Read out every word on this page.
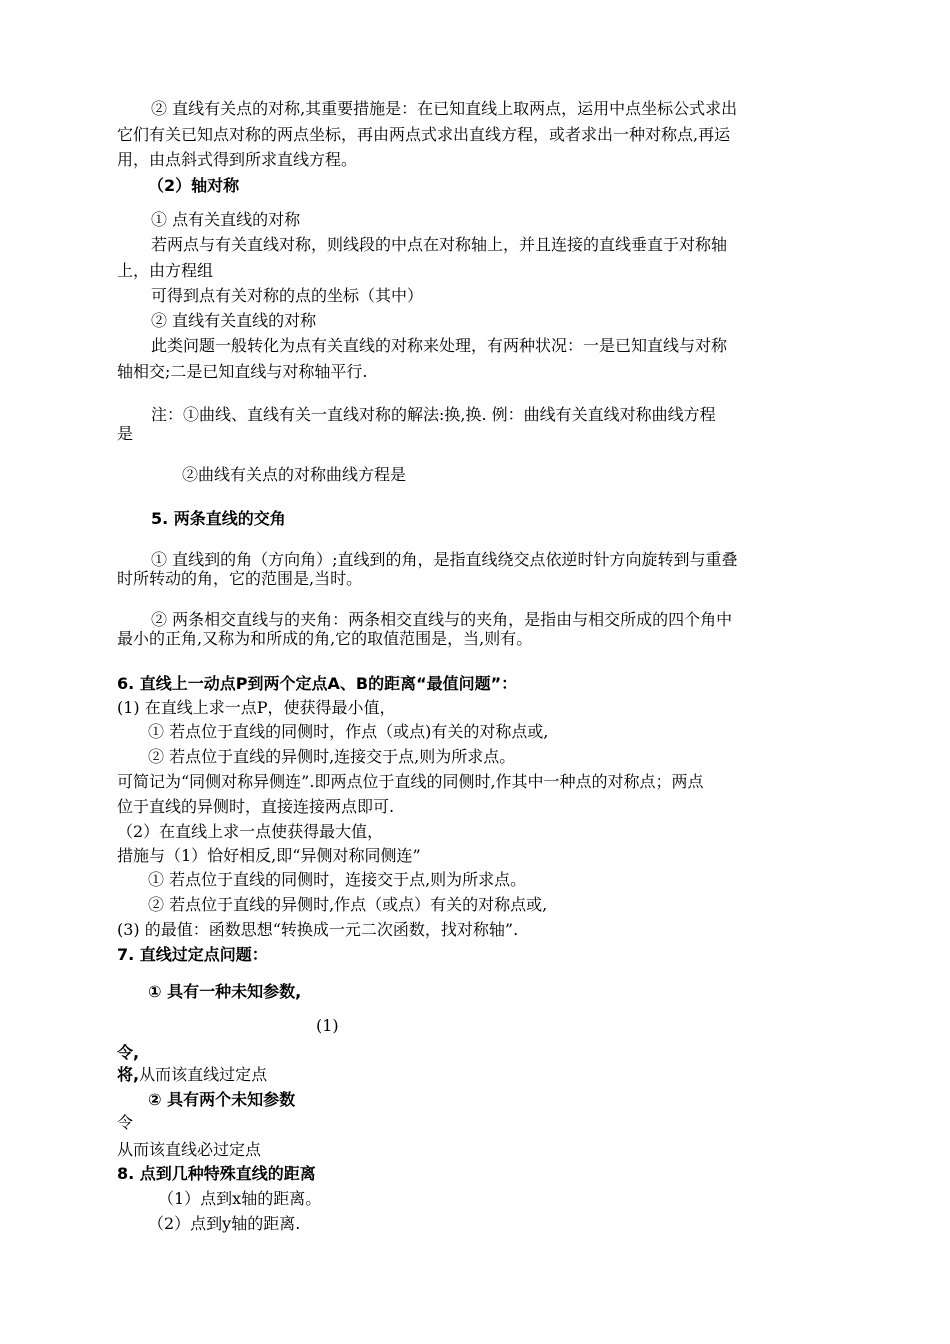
② 直线有关点的对称,其重要措施是：在已知直线上取两点，运用中点坐标公式求出
它们有关已知点对称的两点坐标，再由两点式求出直线方程，或者求出一种对称点,再运
用，由点斜式得到所求直线方程。
（2）轴对称
① 点有关直线的对称
若两点与有关直线对称，则线段的中点在对称轴上，并且连接的直线垂直于对称轴
上，由方程组
可得到点有关对称的点的坐标（其中）
② 直线有关直线的对称
此类问题一般转化为点有关直线的对称来处理，有两种状况：一是已知直线与对称
轴相交;二是已知直线与对称轴平行.
注：①曲线、直线有关一直线对称的解法:换,换. 例：曲线有关直线对称曲线方程
是
②曲线有关点的对称曲线方程是
5. 两条直线的交角
① 直线到的角（方向角）;直线到的角，是指直线绕交点依逆时针方向旋转到与重叠
时所转动的角，它的范围是,当时。
② 两条相交直线与的夹角：两条相交直线与的夹角，是指由与相交所成的四个角中
最小的正角,又称为和所成的角,它的取值范围是，当,则有。
6. 直线上一动点P到两个定点A、B的距离“最值问题”：
(1) 在直线上求一点P，使获得最小值，
① 若点位于直线的同侧时，作点（或点)有关的对称点或,
② 若点位于直线的异侧时,连接交于点,则为所求点。
可简记为“同侧对称异侧连”.即两点位于直线的同侧时,作其中一种点的对称点；两点
位于直线的异侧时，直接连接两点即可.
（2）在直线上求一点使获得最大值，
措施与（1）恰好相反,即“异侧对称同侧连”
① 若点位于直线的同侧时，连接交于点,则为所求点。
② 若点位于直线的异侧时,作点（或点）有关的对称点或,
(3) 的最值：函数思想“转换成一元二次函数，找对称轴”.
7. 直线过定点问题：
① 具有一种未知参数,
(1)
令,
将,从而该直线过定点
② 具有两个未知参数
令
从而该直线必过定点
8. 点到几种特殊直线的距离
（1）点到x轴的距离。
（2）点到y轴的距离.
